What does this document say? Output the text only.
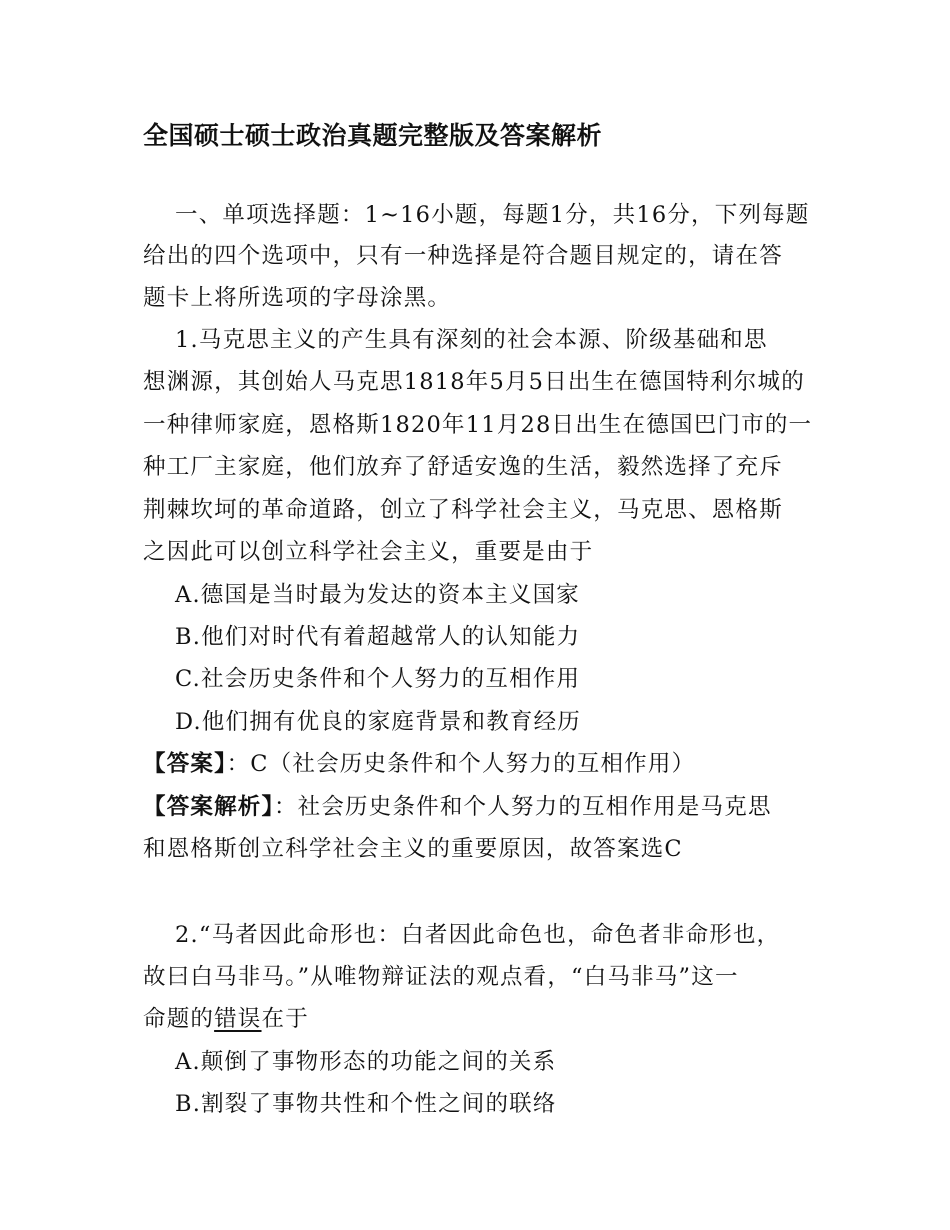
全国硕士硕士政治真题完整版及答案解析
一、单项选择题：1~16小题，每题1分，共16分，下列每题
给出的四个选项中，只有一种选择是符合题目规定的，请在答
题卡上将所选项的字母涂黑。
1.马克思主义的产生具有深刻的社会本源、阶级基础和思
想渊源，其创始人马克思1818年5月5日出生在德国特利尔城的
一种律师家庭，恩格斯1820年11月28日出生在德国巴门市的一
种工厂主家庭，他们放弃了舒适安逸的生活，毅然选择了充斥
荆棘坎坷的革命道路，创立了科学社会主义，马克思、恩格斯
之因此可以创立科学社会主义，重要是由于
A.德国是当时最为发达的资本主义国家
B.他们对时代有着超越常人的认知能力
C.社会历史条件和个人努力的互相作用
D.他们拥有优良的家庭背景和教育经历
【答案】：C（社会历史条件和个人努力的互相作用）
【答案解析】：社会历史条件和个人努力的互相作用是马克思
和恩格斯创立科学社会主义的重要原因，故答案选C
2.“马者因此命形也：白者因此命色也，命色者非命形也，
故曰白马非马。”从唯物辩证法的观点看，“白马非马”这一
命题的错误在于
A.颠倒了事物形态的功能之间的关系
B.割裂了事物共性和个性之间的联络
